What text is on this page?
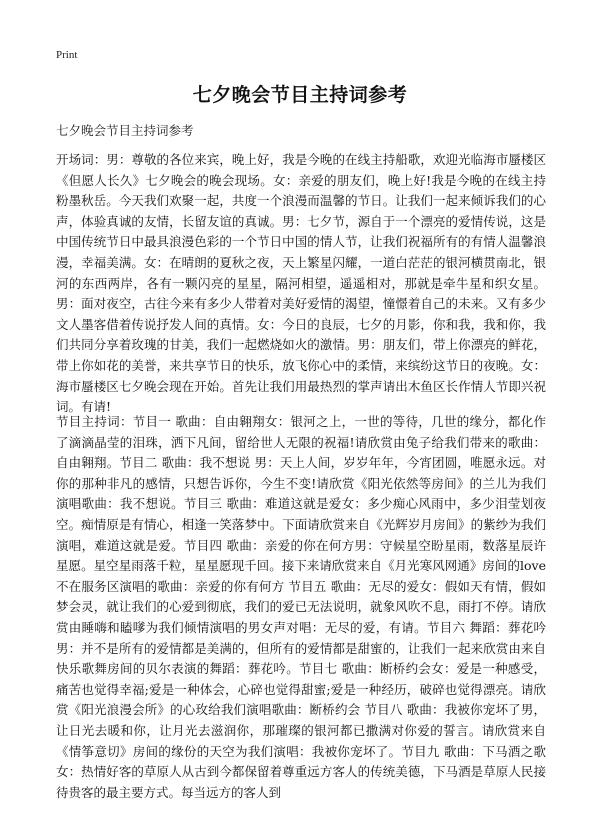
Print
七夕晚会节目主持词参考
七夕晚会节目主持词参考
开场词：男：尊敬的各位来宾，晚上好，我是今晚的在线主持船歌，欢迎光临海市蜃楼区《但愿人长久》七夕晚会的晚会现场。女：亲爱的朋友们，晚上好!我是今晚的在线主持粉墨秋岳。今天我们欢聚一起，共度一个浪漫而温馨的节日。让我们一起来倾诉我们的心声，体验真诚的友情，长留友谊的真诚。男：七夕节，源自于一个漂亮的爱情传说，这是中国传统节日中最具浪漫色彩的一个节日中国的情人节，让我们祝福所有的有情人温馨浪漫，幸福美满。女：在晴朗的夏秋之夜，天上繁星闪耀，一道白茫茫的银河横贯南北，银河的东西两岸，各有一颗闪亮的星星，隔河相望，遥遥相对，那就是牵牛星和织女星。男：面对夜空，古往今来有多少人带着对美好爱情的渴望，憧憬着自己的未来。又有多少文人墨客借着传说抒发人间的真情。女：今日的良辰，七夕的月影，你和我，我和你，我们共同分享着玫瑰的甘美，我们一起燃烧如火的激情。男：朋友们，带上你漂亮的鲜花，带上你如花的美誉，来共享节日的快乐，放飞你心中的柔情，来缤纷这节日的夜晚。女：海市蜃楼区七夕晚会现在开始。首先让我们用最热烈的掌声请出木鱼区长作情人节即兴祝词。有请!
节目主持词：节目一 歌曲：自由翱翔女：银河之上，一世的等待，几世的缘分，都化作了滴滴晶莹的泪珠，洒下凡间，留给世人无限的祝福!请欣赏由兔子给我们带来的歌曲：自由翱翔。节目二 歌曲：我不想说 男：天上人间，岁岁年年，今宵团圆，唯愿永远。对你的那种非凡的感情，只想告诉你，今生不变!请欣赏《阳光依然等房间》的兰儿为我们演唱歌曲：我不想说。节目三 歌曲：难道这就是爱女：多少痴心风雨中，多少泪莹划夜空。痴情原是有情心，相逢一笑落梦中。下面请欣赏来自《光辉岁月房间》的紫纱为我们演唱，难道这就是爱。节目四 歌曲：亲爱的你在何方男：守候星空盼星雨，数落星辰许星愿。星空星雨落千粒，星星愿现千回。接下来请欣赏来自《月光寒风网通》房间的love不在服务区演唱的歌曲：亲爱的你有何方 节目五 歌曲：无尽的爱女：假如天有情，假如梦会灵，就让我们的心爱到彻底，我们的爱已无法说明，就象风吹不息，雨打不停。请欣赏由睡嗨和瞌嗲为我们倾情演唱的男女声对唱：无尽的爱，有请。节目六 舞蹈：葬花吟男：并不是所有的爱情都是美满的，但所有的爱情都是甜蜜的，让我们一起来欣赏由来自快乐歌舞房间的贝尔表演的舞蹈：葬花吟。节目七 歌曲：断桥约会女：爱是一种感受，痛苦也觉得幸福;爱是一种体会，心碎也觉得甜蜜;爱是一种经历，破碎也觉得漂亮。请欣赏《阳光浪漫会所》的心玫给我们演唱歌曲：断桥约会 节目八 歌曲：我被你宠坏了男，让日光去暖和你，让月光去滋润你，那璀璨的银河都已撒满对你爱的誓言。请欣赏来自《情筝意切》房间的缘份的天空为我们演唱：我被你宠坏了。节目九 歌曲：下马酒之歌女：热情好客的草原人从古到今都保留着尊重远方客人的传统美德，下马酒是草原人民接待贵客的最主要方式。每当远方的客人到
